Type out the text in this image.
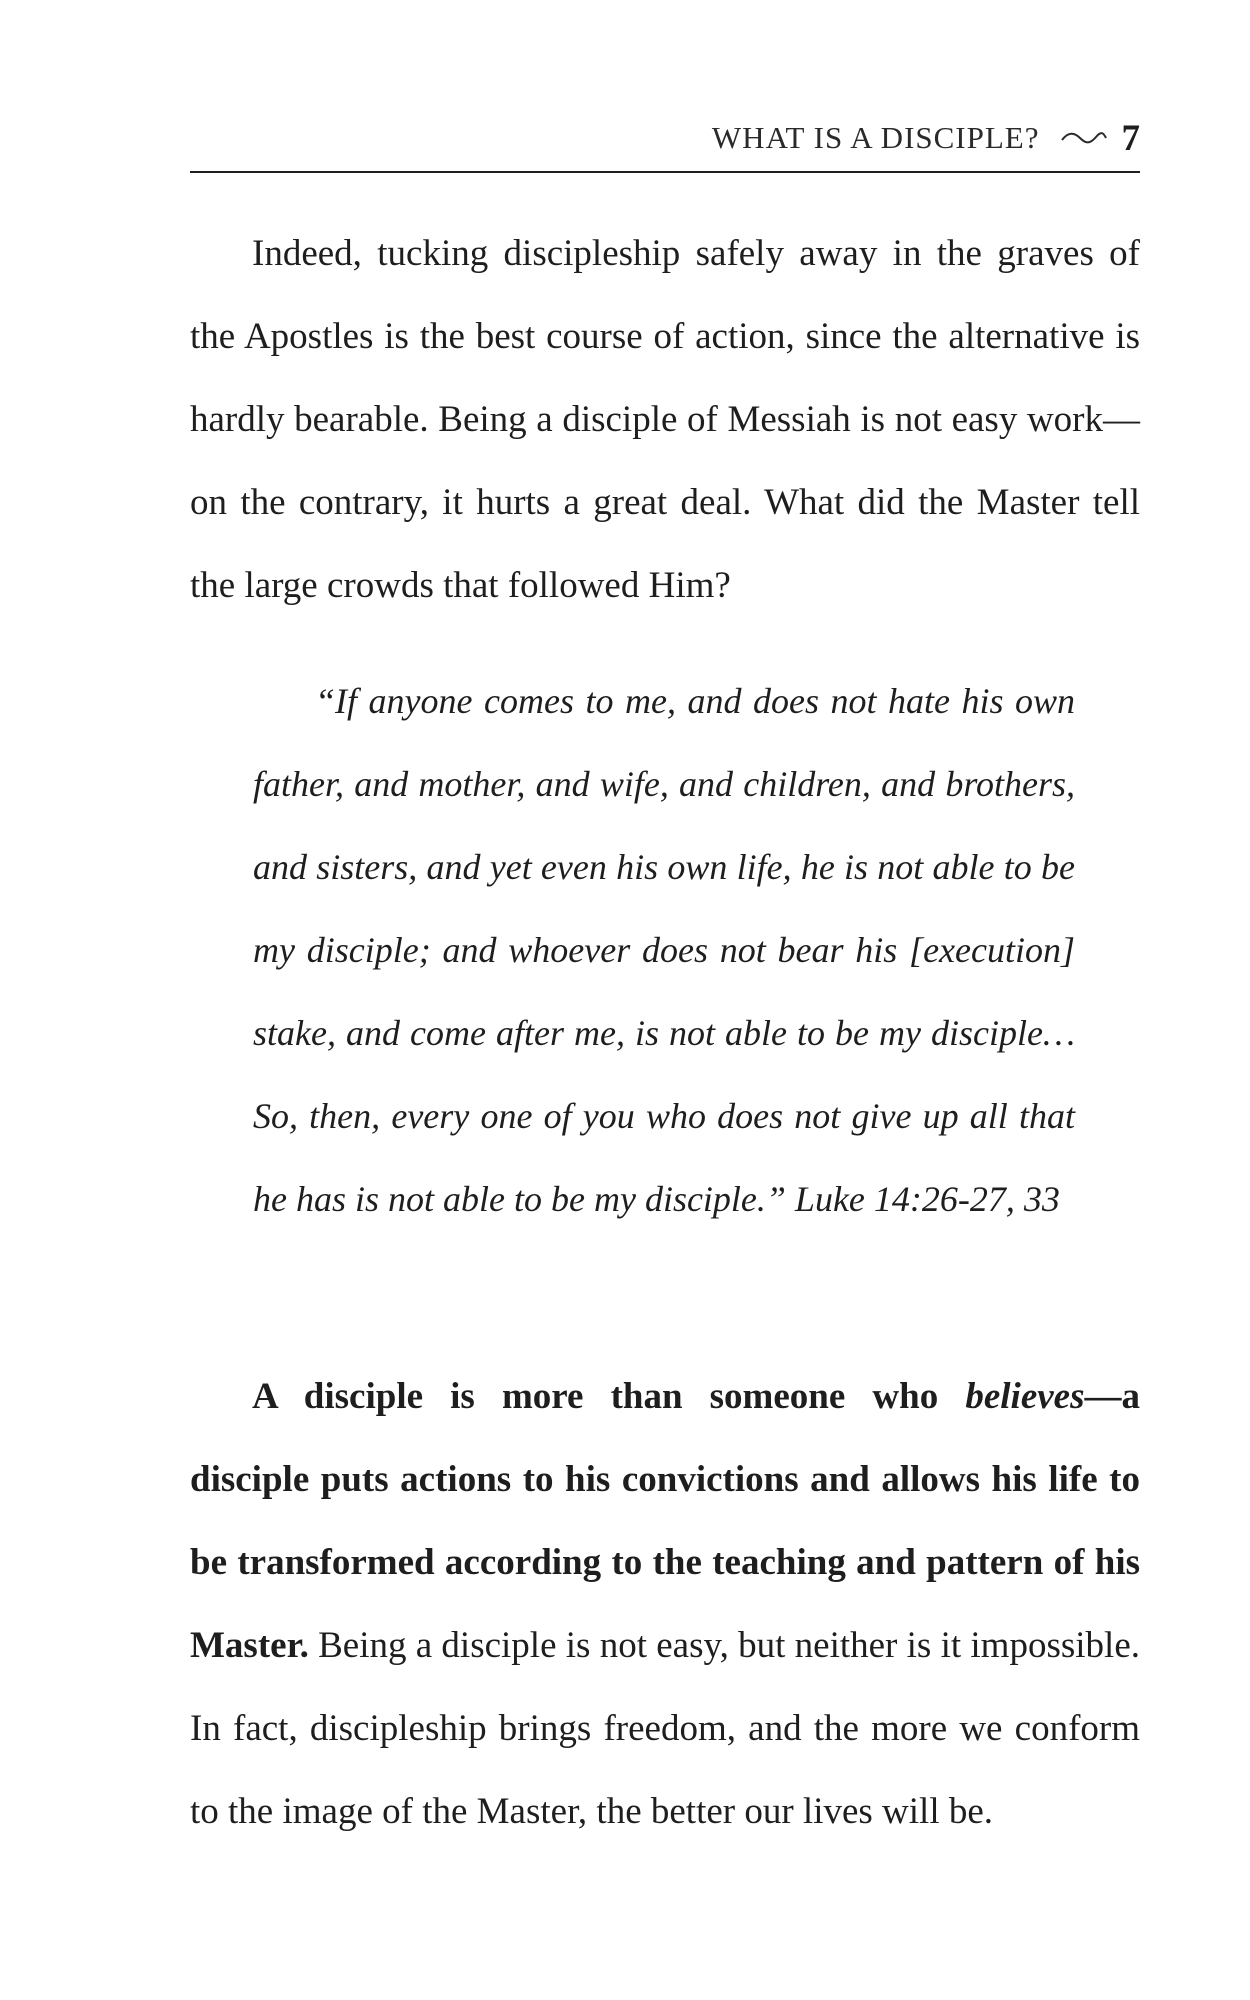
WHAT IS A DISCIPLE? 7

Indeed, tucking discipleship safely away in the graves of the Apostles is the best course of action, since the alternative is hardly bearable. Being a disciple of Messiah is not easy work—on the contrary, it hurts a great deal. What did the Master tell the large crowds that followed Him?

“If anyone comes to me, and does not hate his own father, and mother, and wife, and children, and brothers, and sisters, and yet even his own life, he is not able to be my disciple; and whoever does not bear his [execution] stake, and come after me, is not able to be my disciple… So, then, every one of you who does not give up all that he has is not able to be my disciple.” Luke 14:26-27, 33

A disciple is more than someone who believes—a disciple puts actions to his convictions and allows his life to be transformed according to the teaching and pattern of his Master. Being a disciple is not easy, but neither is it impossible. In fact, discipleship brings freedom, and the more we conform to the image of the Master, the better our lives will be.
